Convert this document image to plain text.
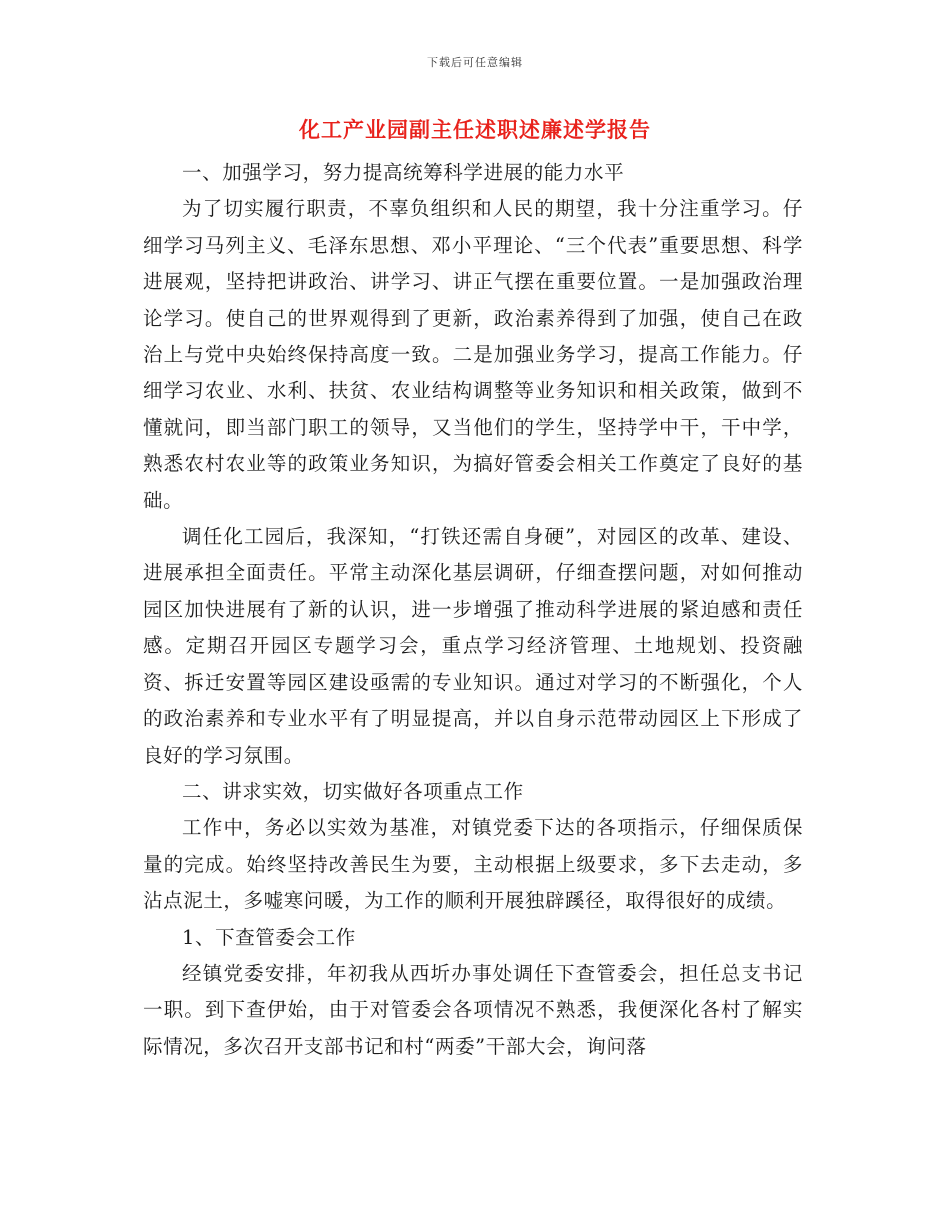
下载后可任意编辑
化工产业园副主任述职述廉述学报告

一、加强学习，努力提高统筹科学进展的能力水平

为了切实履行职责，不辜负组织和人民的期望，我十分注重学习。仔细学习马列主义、毛泽东思想、邓小平理论、“三个代表”重要思想、科学进展观，坚持把讲政治、讲学习、讲正气摆在重要位置。一是加强政治理论学习。使自己的世界观得到了更新，政治素养得到了加强，使自己在政治上与党中央始终保持高度一致。二是加强业务学习，提高工作能力。仔细学习农业、水利、扶贫、农业结构调整等业务知识和相关政策，做到不懂就问，即当部门职工的领导，又当他们的学生，坚持学中干，干中学，熟悉农村农业等的政策业务知识，为搞好管委会相关工作奠定了良好的基础。

调任化工园后，我深知，“打铁还需自身硬”，对园区的改革、建设、进展承担全面责任。平常主动深化基层调研，仔细查摆问题，对如何推动园区加快进展有了新的认识，进一步增强了推动科学进展的紧迫感和责任感。定期召开园区专题学习会，重点学习经济管理、土地规划、投资融资、拆迁安置等园区建设亟需的专业知识。通过对学习的不断强化，个人的政治素养和专业水平有了明显提高，并以自身示范带动园区上下形成了良好的学习氛围。

二、讲求实效，切实做好各项重点工作

工作中，务必以实效为基准，对镇党委下达的各项指示，仔细保质保量的完成。始终坚持改善民生为要，主动根据上级要求，多下去走动，多沾点泥土，多嘘寒问暖，为工作的顺利开展独辟蹊径，取得很好的成绩。

1、下查管委会工作

经镇党委安排，年初我从西圻办事处调任下查管委会，担任总支书记一职。到下查伊始，由于对管委会各项情况不熟悉，我便深化各村了解实际情况，多次召开支部书记和村“两委”干部大会，询问落
